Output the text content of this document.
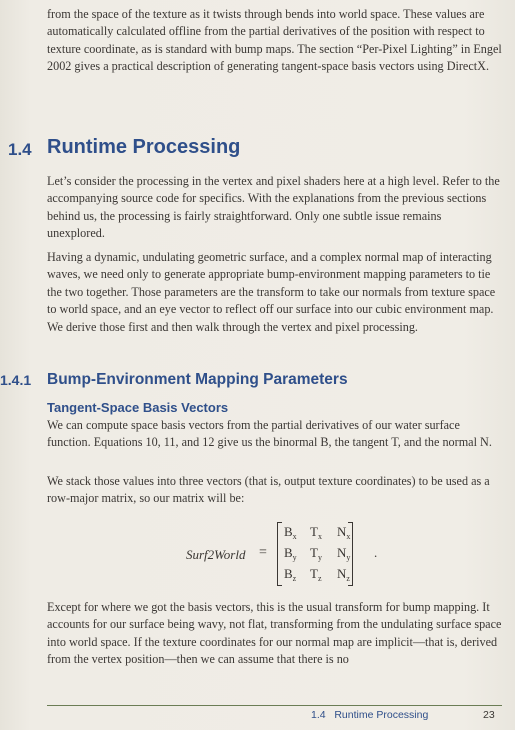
from the space of the texture as it twists through bends into world space. These values are automatically calculated offline from the partial derivatives of the position with respect to texture coordinate, as is standard with bump maps. The section “Per-Pixel Lighting” in Engel 2002 gives a practical description of generating tangent-space basis vectors using DirectX.

1.4 Runtime Processing

Let’s consider the processing in the vertex and pixel shaders here at a high level. Refer to the accompanying source code for specifics. With the explanations from the previous sections behind us, the processing is fairly straightforward. Only one subtle issue remains unexplored.

Having a dynamic, undulating geometric surface, and a complex normal map of interacting waves, we need only to generate appropriate bump-environment mapping parameters to tie the two together. Those parameters are the transform to take our normals from texture space to world space, and an eye vector to reflect off our surface into our cubic environment map. We derive those first and then walk through the vertex and pixel processing.

1.4.1 Bump-Environment Mapping Parameters
Tangent-Space Basis Vectors

We can compute space basis vectors from the partial derivatives of our water surface function. Equations 10, 11, and 12 give us the binormal B, the tangent T, and the normal N.

We stack those values into three vectors (that is, output texture coordinates) to be used as a row-major matrix, so our matrix will be:

Surf2World =
$B_x$ $T_x$ $N_x$
$B_y$ $T_y$ $N_y$
$B_z$ $T_z$ $N_z$
.

Except for where we got the basis vectors, this is the usual transform for bump mapping. It accounts for our surface being wavy, not flat, transforming from the undulating surface space into world space. If the texture coordinates for our normal map are implicit—that is, derived from the vertex position—then we can assume that there is no

1.4   Runtime Processing	23
